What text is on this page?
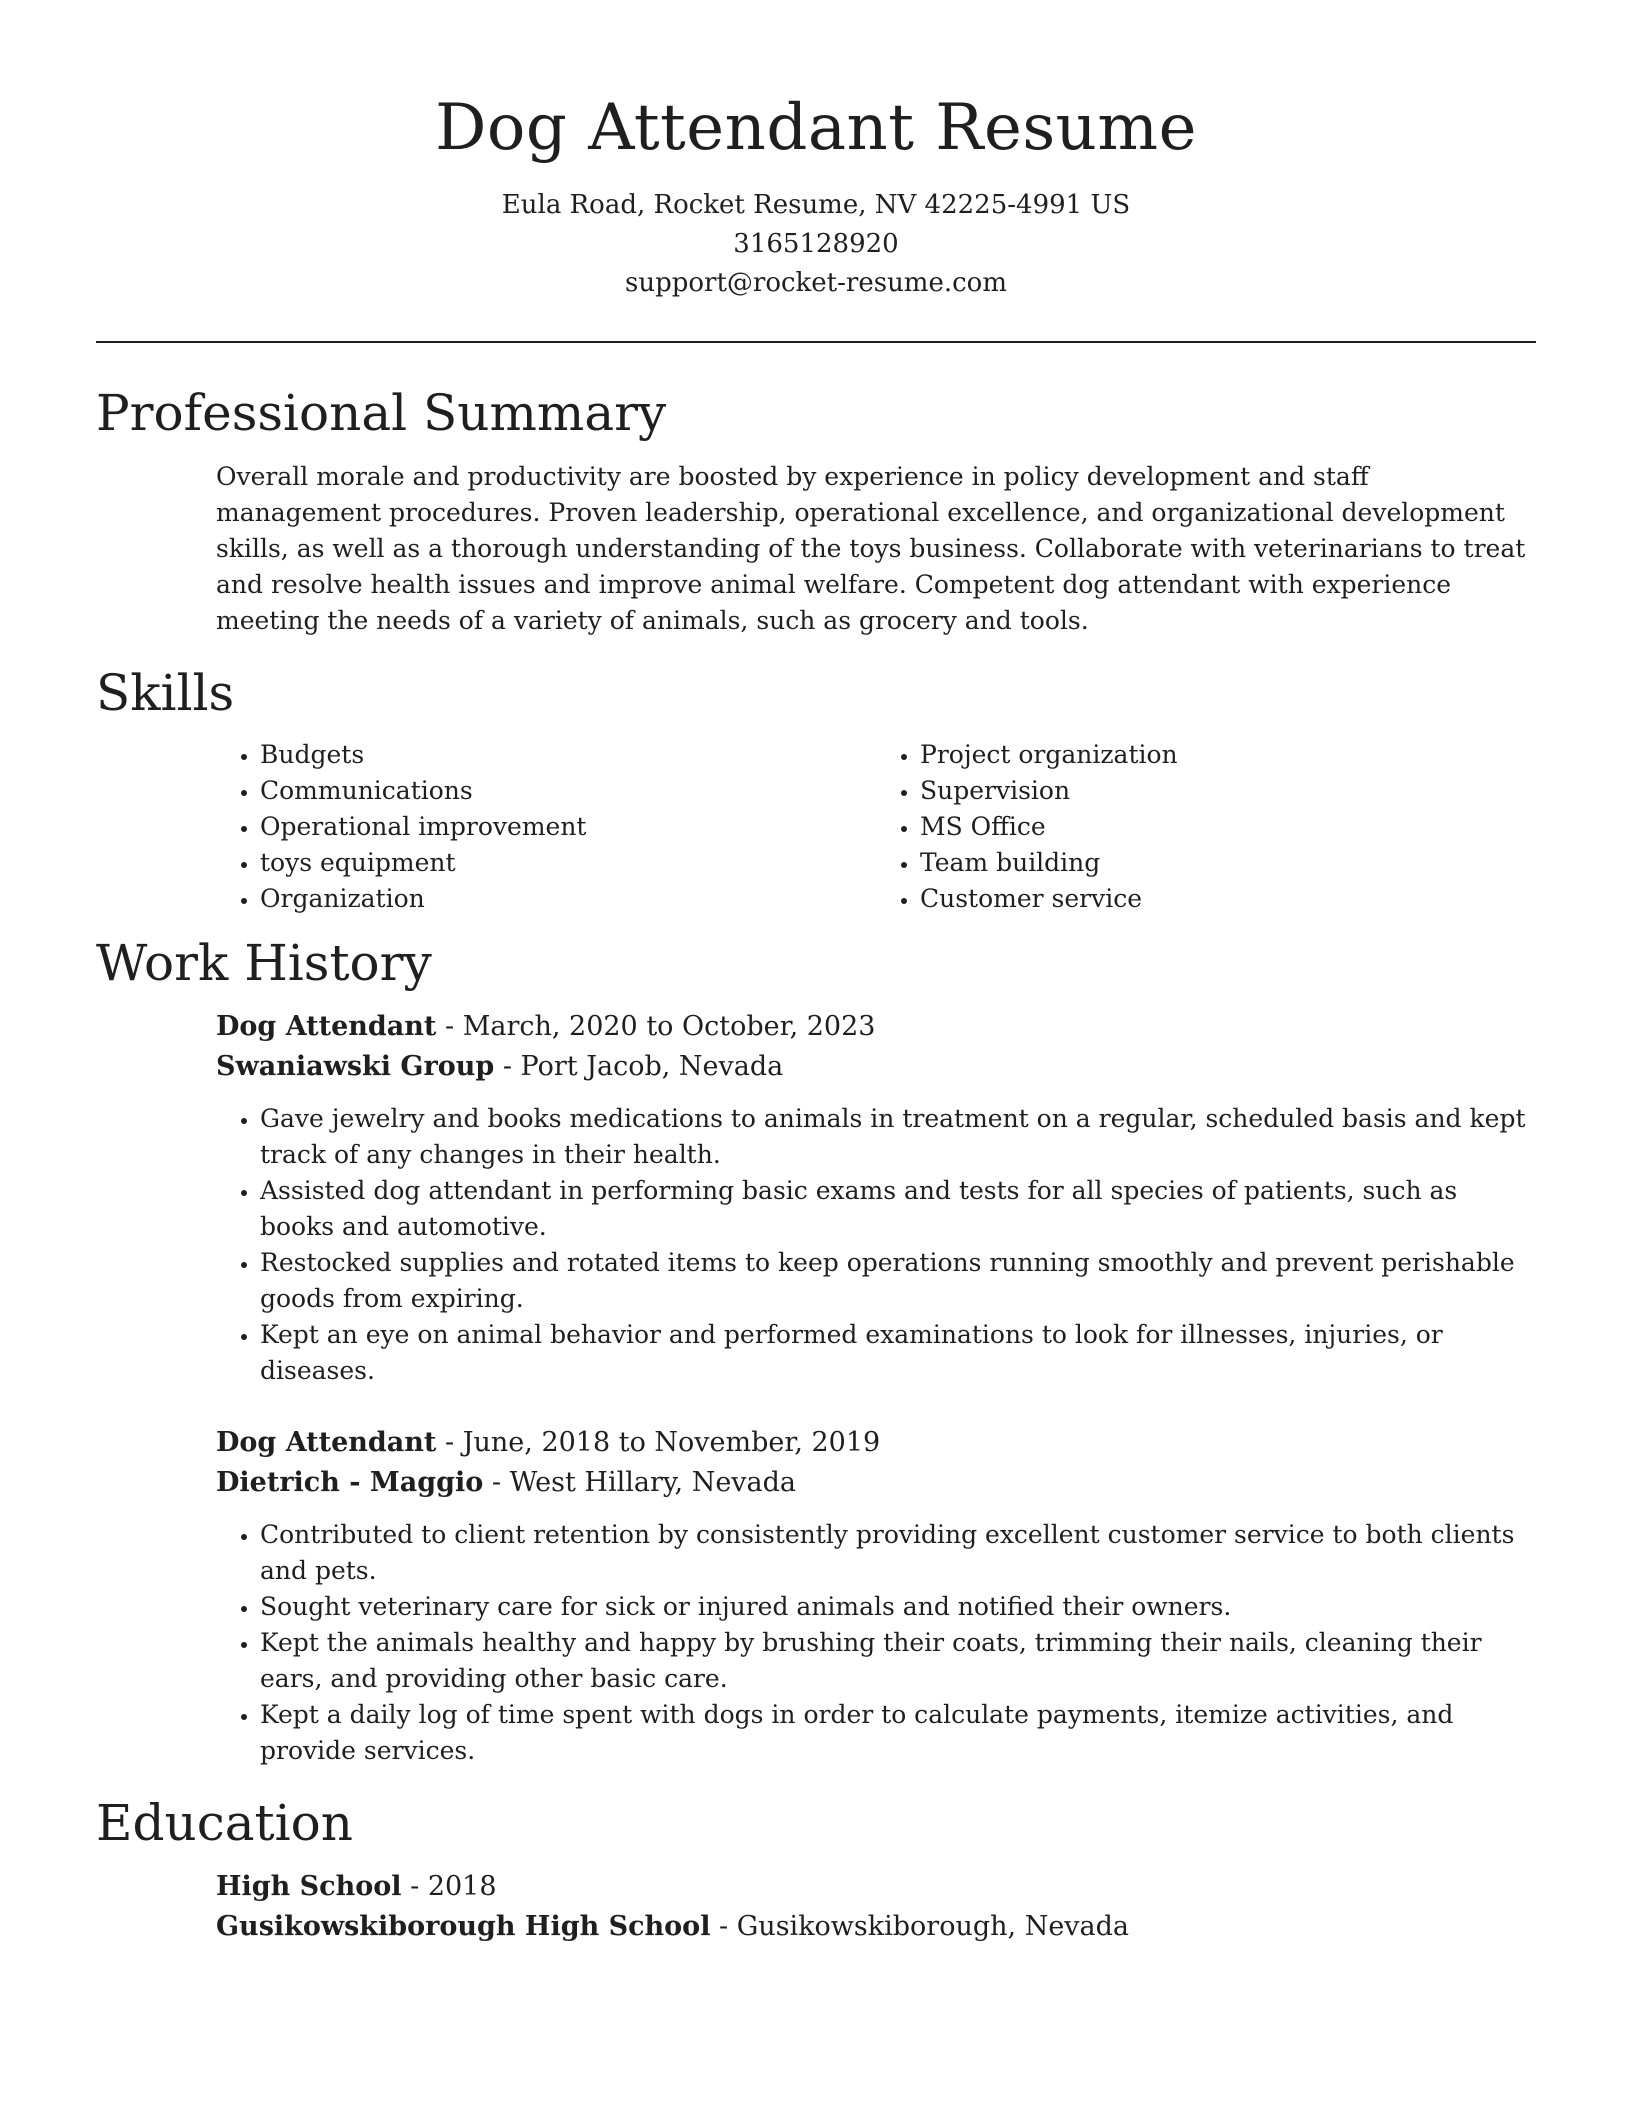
Dog Attendant Resume

Eula Road, Rocket Resume, NV 42225-4991 US

3165128920

support@rocket-resume.com

Professional Summary

Overall morale and productivity are boosted by experience in policy development and staff management procedures. Proven leadership, operational excellence, and organizational development skills, as well as a thorough understanding of the toys business. Collaborate with veterinarians to treat and resolve health issues and improve animal welfare. Competent dog attendant with experience meeting the needs of a variety of animals, such as grocery and tools.

Skills
• Budgets
• Communications
• Operational improvement
• toys equipment
• Organization
• Project organization
• Supervision
• MS Office
• Team building
• Customer service
Work History

Dog Attendant - March, 2020 to October, 2023

Swaniawski Group - Port Jacob, Nevada

• Gave jewelry and books medications to animals in treatment on a regular, scheduled basis and kept track of any changes in their health.
• Assisted dog attendant in performing basic exams and tests for all species of patients, such as books and automotive.
• Restocked supplies and rotated items to keep operations running smoothly and prevent perishable goods from expiring.
• Kept an eye on animal behavior and performed examinations to look for illnesses, injuries, or diseases.

Dog Attendant - June, 2018 to November, 2019

Dietrich - Maggio - West Hillary, Nevada

• Contributed to client retention by consistently providing excellent customer service to both clients and pets.
• Sought veterinary care for sick or injured animals and notified their owners.
• Kept the animals healthy and happy by brushing their coats, trimming their nails, cleaning their ears, and providing other basic care.
• Kept a daily log of time spent with dogs in order to calculate payments, itemize activities, and provide services.
Education

High School - 2018

Gusikowskiborough High School - Gusikowskiborough, Nevada
